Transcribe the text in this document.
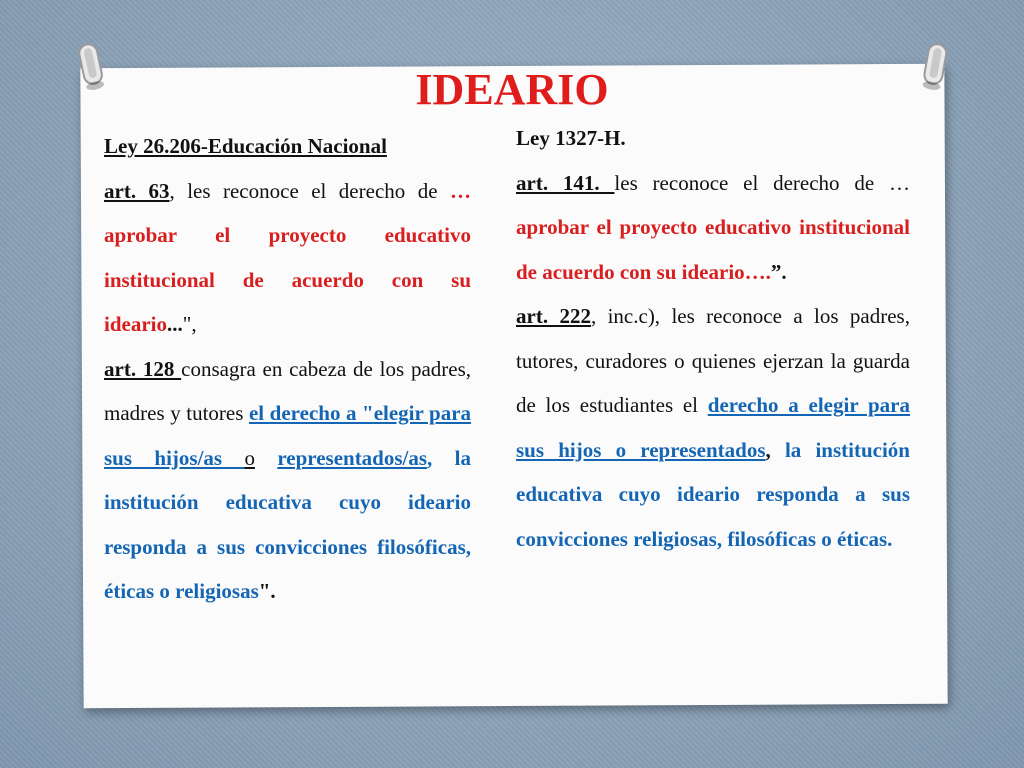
IDEARIO

Ley 26.206-Educación Nacional

art. 63, les reconoce el derecho de …aprobar el proyecto educativo institucional de acuerdo con su ideario...",

art. 128 consagra en cabeza de los padres, madres y tutores el derecho a "elegir para sus hijos/as o representados/as, la institución educativa cuyo ideario responda a sus convicciones filosóficas, éticas o religiosas".

Ley 1327-H.

art. 141. les reconoce el derecho de …aprobar el proyecto educativo institucional de acuerdo con su ideario….”.

art. 222, inc.c), les reconoce a los padres, tutores, curadores o quienes ejerzan la guarda de los estudiantes el derecho a elegir para sus hijos o representados, la institución educativa cuyo ideario responda a sus convicciones religiosas, filosóficas o éticas.
